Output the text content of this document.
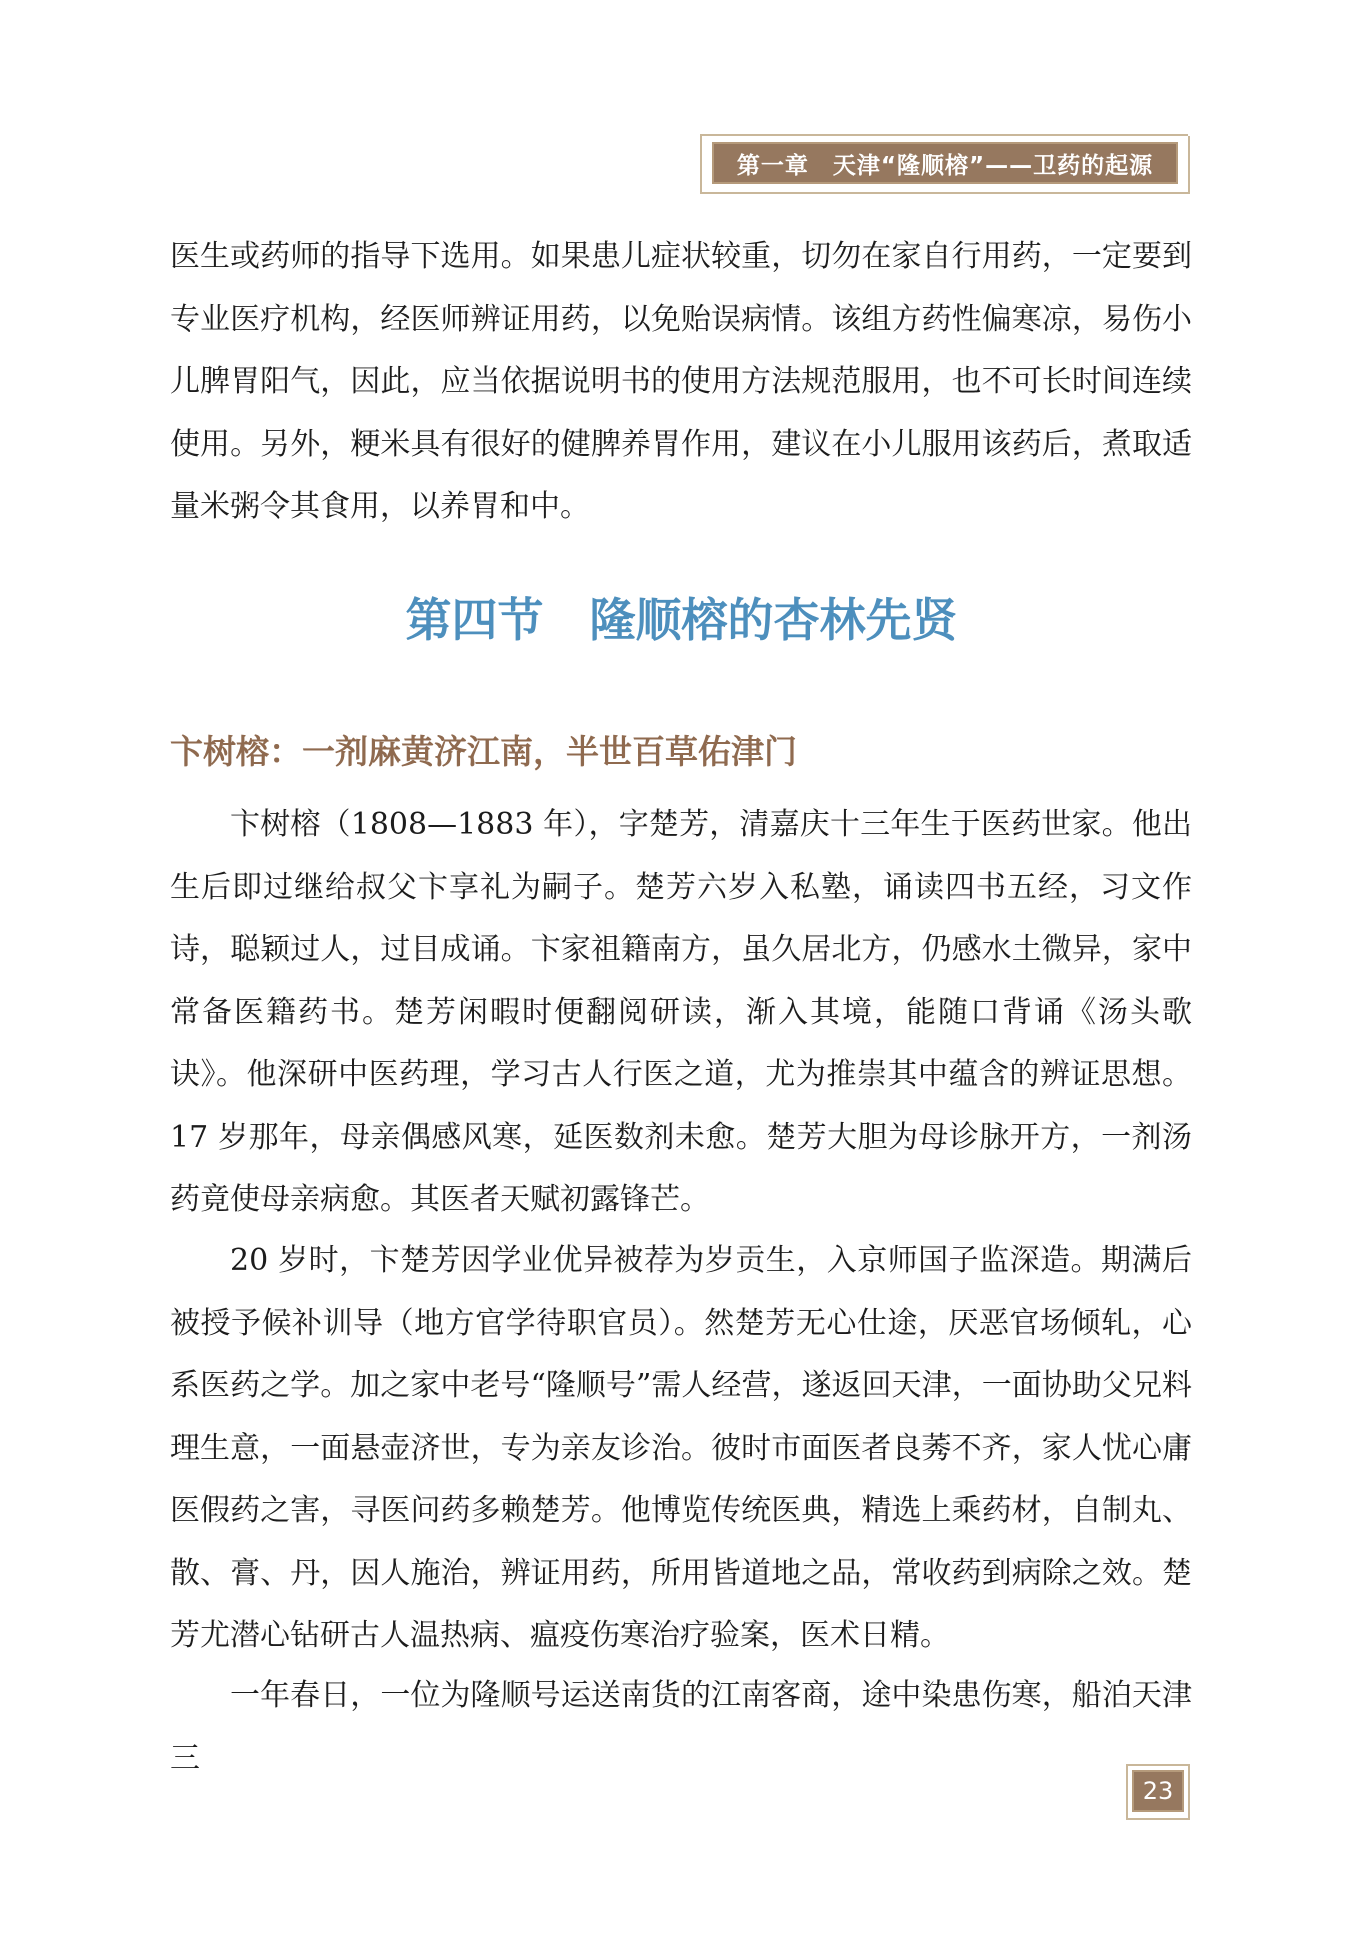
第一章　天津“隆顺榕”——卫药的起源

医生或药师的指导下选用。如果患儿症状较重，切勿在家自行用药，一定要到专业医疗机构，经医师辨证用药，以免贻误病情。该组方药性偏寒凉，易伤小儿脾胃阳气，因此，应当依据说明书的使用方法规范服用，也不可长时间连续使用。另外，粳米具有很好的健脾养胃作用，建议在小儿服用该药后，煮取适量米粥令其食用，以养胃和中。

第四节　隆顺榕的杏林先贤
卞树榕：一剂麻黄济江南，半世百草佑津门

卞树榕（1808—1883 年），字楚芳，清嘉庆十三年生于医药世家。他出生后即过继给叔父卞享礼为嗣子。楚芳六岁入私塾，诵读四书五经，习文作诗，聪颖过人，过目成诵。卞家祖籍南方，虽久居北方，仍感水土微异，家中常备医籍药书。楚芳闲暇时便翻阅研读，渐入其境，能随口背诵《汤头歌诀》。他深研中医药理，学习古人行医之道，尤为推崇其中蕴含的辨证思想。17 岁那年，母亲偶感风寒，延医数剂未愈。楚芳大胆为母诊脉开方，一剂汤药竟使母亲病愈。其医者天赋初露锋芒。

20 岁时，卞楚芳因学业优异被荐为岁贡生，入京师国子监深造。期满后被授予候补训导（地方官学待职官员）。然楚芳无心仕途，厌恶官场倾轧，心系医药之学。加之家中老号“隆顺号”需人经营，遂返回天津，一面协助父兄料理生意，一面悬壶济世，专为亲友诊治。彼时市面医者良莠不齐，家人忧心庸医假药之害，寻医问药多赖楚芳。他博览传统医典，精选上乘药材，自制丸、散、膏、丹，因人施治，辨证用药，所用皆道地之品，常收药到病除之效。楚芳尤潜心钻研古人温热病、瘟疫伤寒治疗验案，医术日精。

一年春日，一位为隆顺号运送南货的江南客商，途中染患伤寒，船泊天津三

23
